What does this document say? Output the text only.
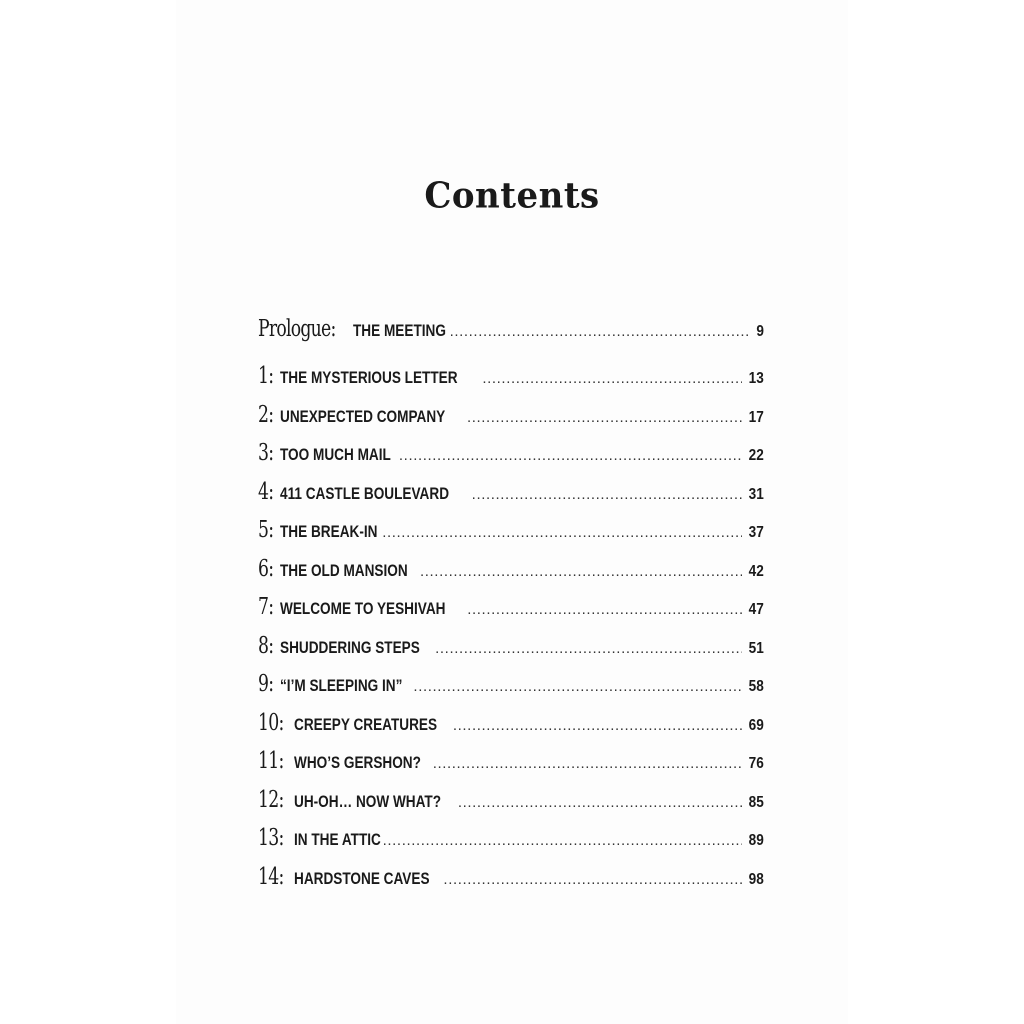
Contents
Prologue: THE MEETING .....	9
1: THE MYSTERIOUS LETTER .....	13
2: UNEXPECTED COMPANY .....	17
3: TOO MUCH MAIL .....	22
4: 411 CASTLE BOULEVARD .....	31
5: THE BREAK-IN .....	37
6: THE OLD MANSION .....	42
7: WELCOME TO YESHIVAH .....	47
8: SHUDDERING STEPS .....	51
9: “I’M SLEEPING IN” .....	58
10: CREEPY CREATURES .....	69
11: WHO’S GERSHON? .....	76
12: UH-OH… NOW WHAT? .....	85
13: IN THE ATTIC .....	89
14: HARDSTONE CAVES .....	98
